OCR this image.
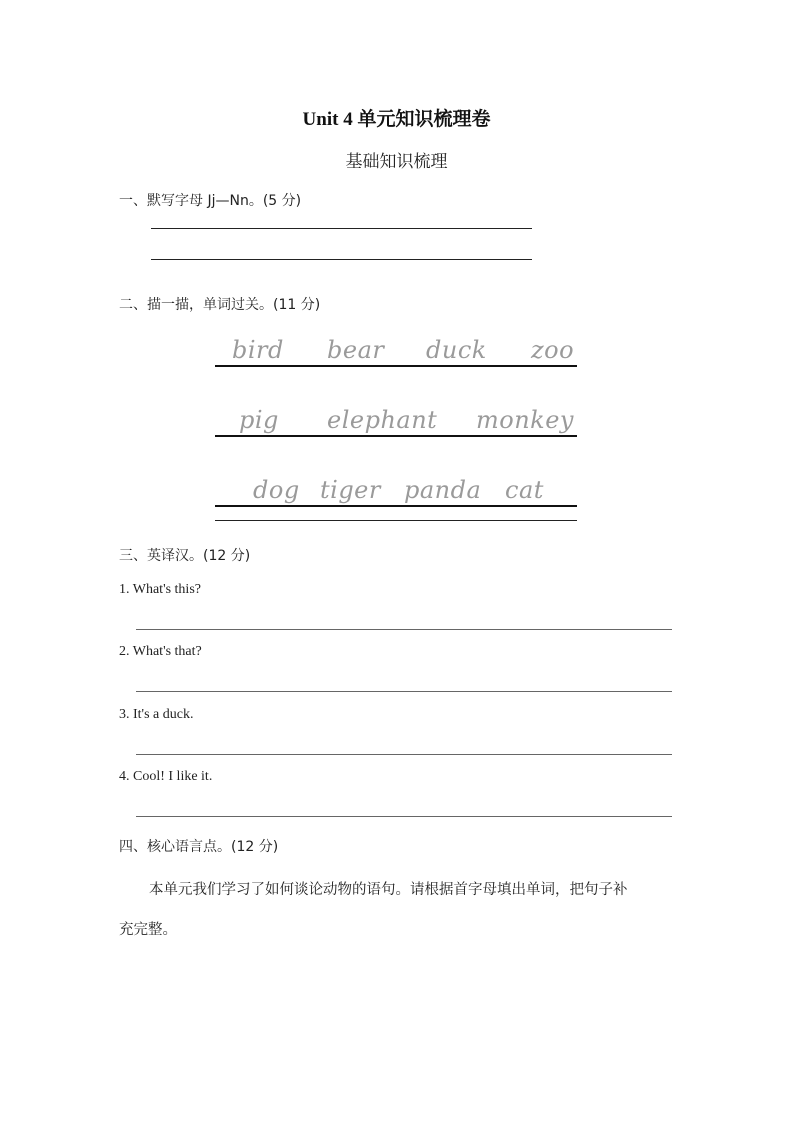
Unit 4 单元知识梳理卷
基础知识梳理
一、默写字母 Jj—Nn。(5 分)
二、描一描，单词过关。(11 分)
bird bear duck zoo
pig elephant monkey
dog tiger panda cat
三、英译汉。(12 分)
1. What's this?
2. What's that?
3. It's a duck.
4. Cool! I like it.
四、核心语言点。(12 分)
本单元我们学习了如何谈论动物的语句。请根据首字母填出单词，把句子补
充完整。
